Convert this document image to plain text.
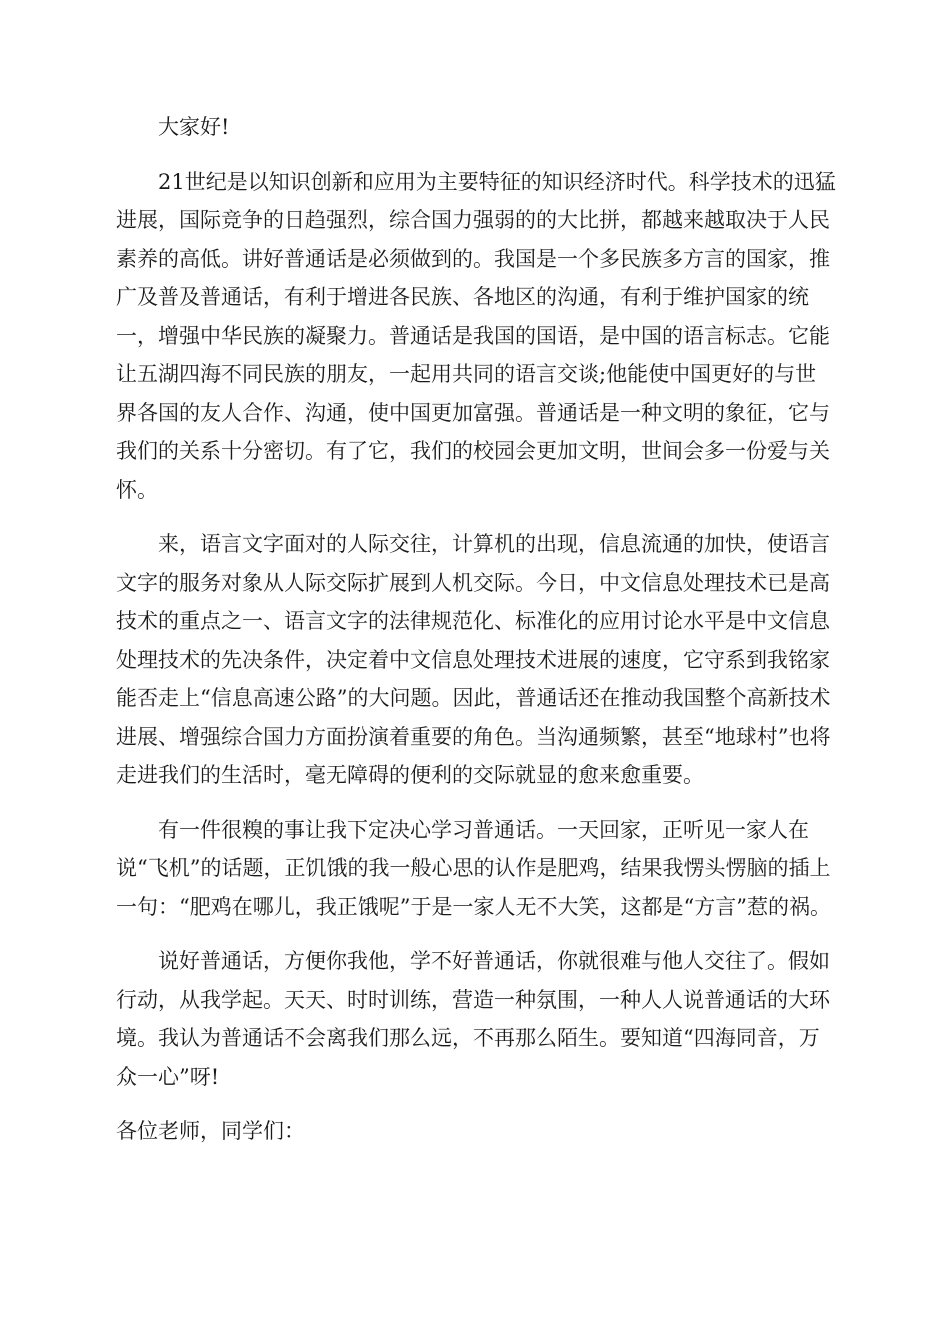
大家好!

21世纪是以知识创新和应用为主要特征的知识经济时代。科学技术的迅猛进展，国际竞争的日趋强烈，综合国力强弱的的大比拼，都越来越取决于人民素养的高低。讲好普通话是必须做到的。我国是一个多民族多方言的国家，推广及普及普通话，有利于增进各民族、各地区的沟通，有利于维护国家的统一，增强中华民族的凝聚力。普通话是我国的国语，是中国的语言标志。它能让五湖四海不同民族的朋友，一起用共同的语言交谈;他能使中国更好的与世界各国的友人合作、沟通，使中国更加富强。普通话是一种文明的象征，它与我们的关系十分密切。有了它，我们的校园会更加文明，世间会多一份爱与关怀。

来，语言文字面对的人际交往，计算机的出现，信息流通的加快，使语言文字的服务对象从人际交际扩展到人机交际。今日，中文信息处理技术已是高技术的重点之一、语言文字的法律规范化、标准化的应用讨论水平是中文信息处理技术的先决条件，决定着中文信息处理技术进展的速度，它守系到我铭家能否走上“信息高速公路”的大问题。因此，普通话还在推动我国整个高新技术进展、增强综合国力方面扮演着重要的角色。当沟通频繁，甚至“地球村”也将走进我们的生活时，毫无障碍的便利的交际就显的愈来愈重要。

有一件很糗的事让我下定决心学习普通话。一天回家，正听见一家人在说“飞机”的话题，正饥饿的我一般心思的认作是肥鸡，结果我愣头愣脑的插上一句：“肥鸡在哪儿，我正饿呢”于是一家人无不大笑，这都是“方言”惹的祸。

说好普通话，方便你我他，学不好普通话，你就很难与他人交往了。假如行动，从我学起。天天、时时训练，营造一种氛围，一种人人说普通话的大环境。我认为普通话不会离我们那么远，不再那么陌生。要知道“四海同音，万众一心”呀!

各位老师，同学们：
